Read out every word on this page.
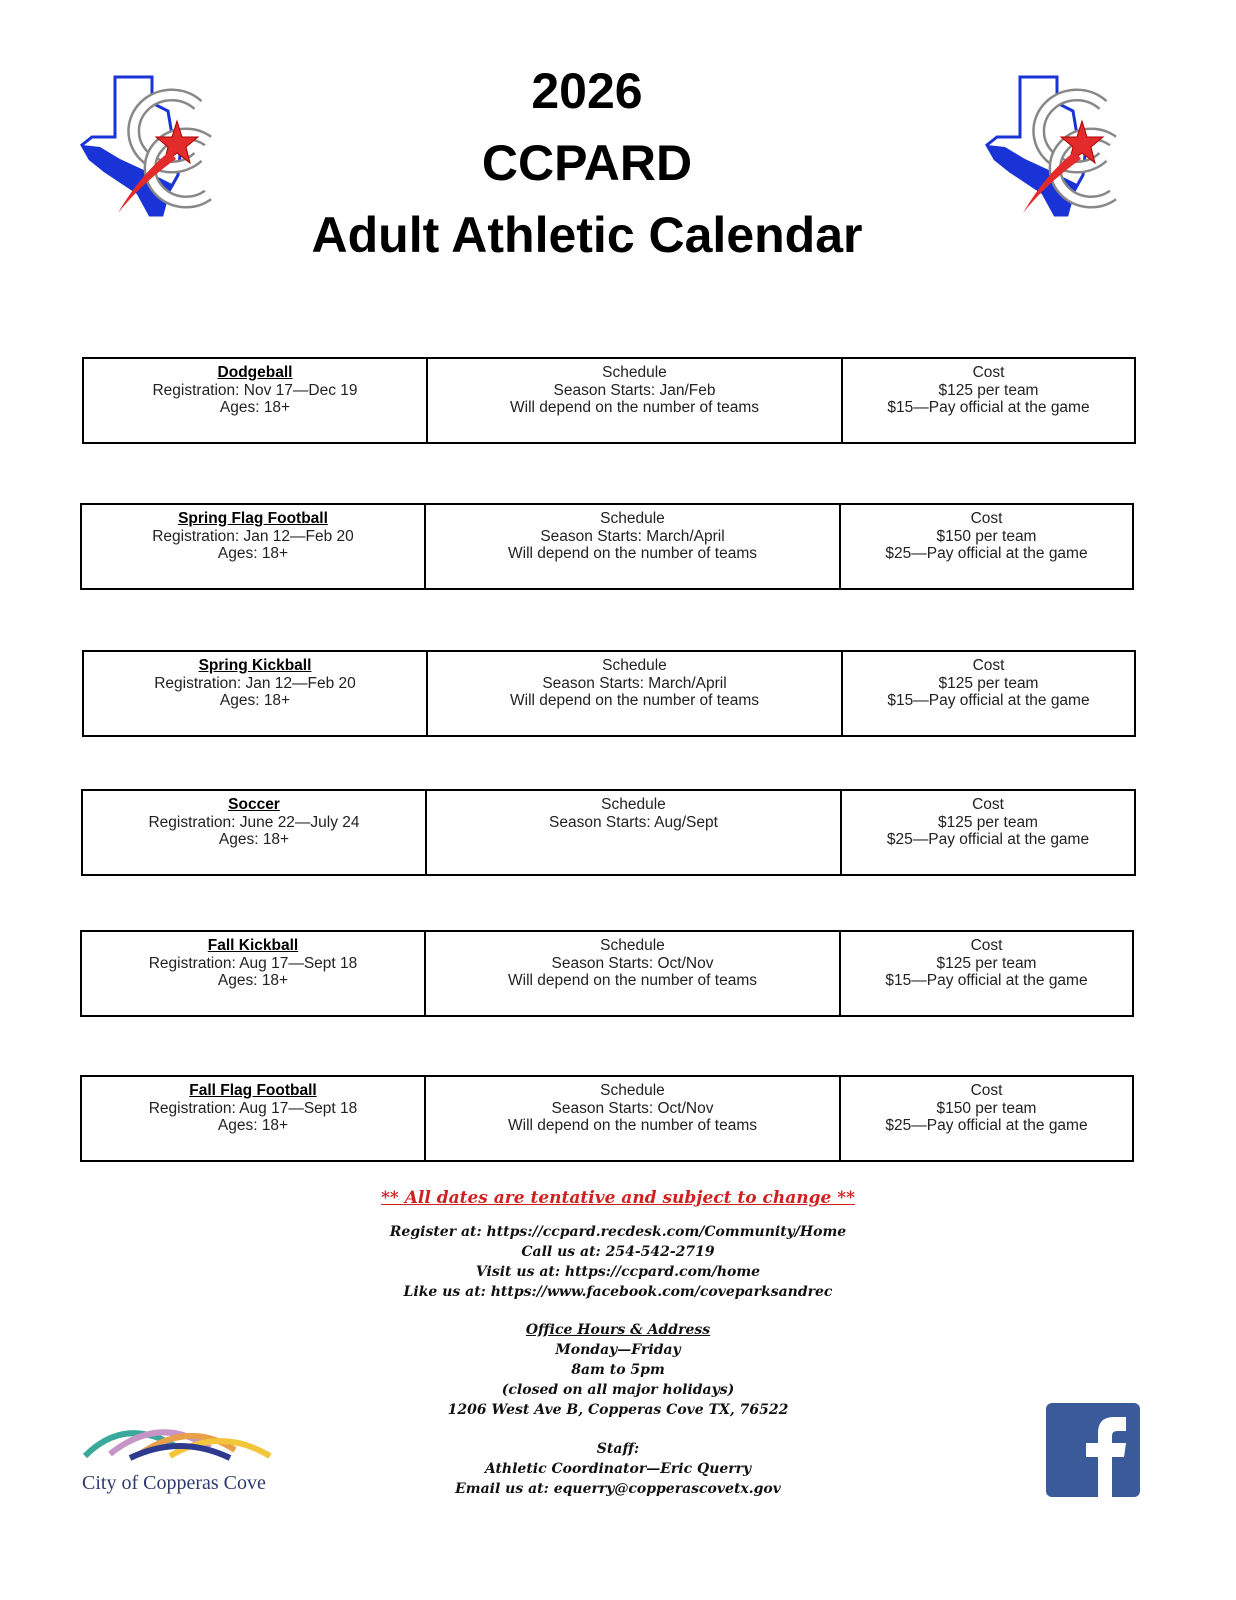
2026
CCPARD
Adult Athletic Calendar
Dodgeball
Registration: Nov 17—Dec 19
Ages: 18+
Schedule
Season Starts: Jan/Feb
Will depend on the number of teams
Cost
$125 per team
$15—Pay official at the game
Spring Flag Football
Registration: Jan 12—Feb 20
Ages: 18+
Schedule
Season Starts: March/April
Will depend on the number of teams
Cost
$150 per team
$25—Pay official at the game
Spring Kickball
Registration: Jan 12—Feb 20
Ages: 18+
Schedule
Season Starts: March/April
Will depend on the number of teams
Cost
$125 per team
$15—Pay official at the game
Soccer
Registration: June 22—July 24
Ages: 18+
Schedule
Season Starts: Aug/Sept
Cost
$125 per team
$25—Pay official at the game
Fall Kickball
Registration: Aug 17—Sept 18
Ages: 18+
Schedule
Season Starts: Oct/Nov
Will depend on the number of teams
Cost
$125 per team
$15—Pay official at the game
Fall Flag Football
Registration: Aug 17—Sept 18
Ages: 18+
Schedule
Season Starts: Oct/Nov
Will depend on the number of teams
Cost
$150 per team
$25—Pay official at the game
** All dates are tentative and subject to change **
Register at: https://ccpard.recdesk.com/Community/Home
Call us at: 254-542-2719
Visit us at: https://ccpard.com/home
Like us at: https://www.facebook.com/coveparksandrec
Office Hours & Address
Monday—Friday
8am to 5pm
(closed on all major holidays)
1206 West Ave B, Copperas Cove TX, 76522
Staff:
Athletic Coordinator—Eric Querry
Email us at: equerry@copperascovetx.gov
City of Copperas Cove
